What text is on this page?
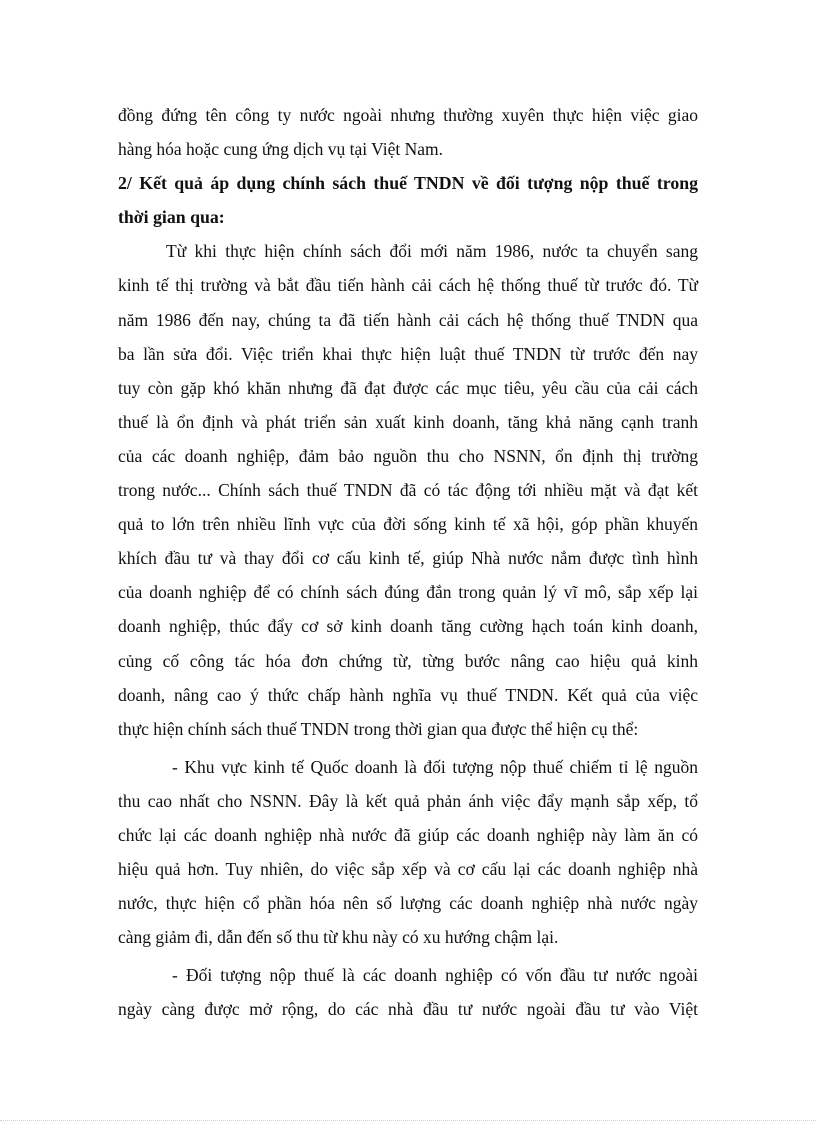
đồng đứng tên công ty nước ngoài nhưng thường xuyên thực hiện việc giao
hàng hóa hoặc cung ứng dịch vụ tại Việt Nam.
2/ Kết quả áp dụng chính sách thuế TNDN về đối tượng nộp thuế trong
thời gian qua:
Từ khi thực hiện chính sách đổi mới năm 1986, nước ta chuyển sang
kinh tế thị trường và bắt đầu tiến hành cải cách hệ thống thuế từ trước đó. Từ
năm 1986 đến nay, chúng ta đã tiến hành cải cách hệ thống thuế TNDN qua
ba lần sửa đổi. Việc triển khai thực hiện luật thuế TNDN từ trước đến nay
tuy còn gặp khó khăn nhưng đã đạt được các mục tiêu, yêu cầu của cải cách
thuế là ổn định và phát triển sản xuất kinh doanh, tăng khả năng cạnh tranh
của các doanh nghiệp, đảm bảo nguồn thu cho NSNN, ổn định thị trường
trong nước... Chính sách thuế TNDN đã có tác động tới nhiều mặt và đạt kết
quả to lớn trên nhiều lĩnh vực của đời sống kinh tế xã hội, góp phần khuyến
khích đầu tư và thay đổi cơ cấu kinh tế, giúp Nhà nước nắm được tình hình
của doanh nghiệp để có chính sách đúng đắn trong quản lý vĩ mô, sắp xếp lại
doanh nghiệp, thúc đẩy cơ sở kinh doanh tăng cường hạch toán kinh doanh,
củng cố công tác hóa đơn chứng từ, từng bước nâng cao hiệu quả kinh
doanh, nâng cao ý thức chấp hành nghĩa vụ thuế TNDN. Kết quả của việc
thực hiện chính sách thuế TNDN trong thời gian qua được thể hiện cụ thể:
- Khu vực kinh tế Quốc doanh là đối tượng nộp thuế chiếm tỉ lệ nguồn
thu cao nhất cho NSNN. Đây là kết quả phản ánh việc đẩy mạnh sắp xếp, tổ
chức lại các doanh nghiệp nhà nước đã giúp các doanh nghiệp này làm ăn có
hiệu quả hơn. Tuy nhiên, do việc sắp xếp và cơ cấu lại các doanh nghiệp nhà
nước, thực hiện cổ phần hóa nên số lượng các doanh nghiệp nhà nước ngày
càng giảm đi, dẫn đến số thu từ khu này có xu hướng chậm lại.
- Đối tượng nộp thuế là các doanh nghiệp có vốn đầu tư nước ngoài
ngày càng được mở rộng, do các nhà đầu tư nước ngoài đầu tư vào Việt
